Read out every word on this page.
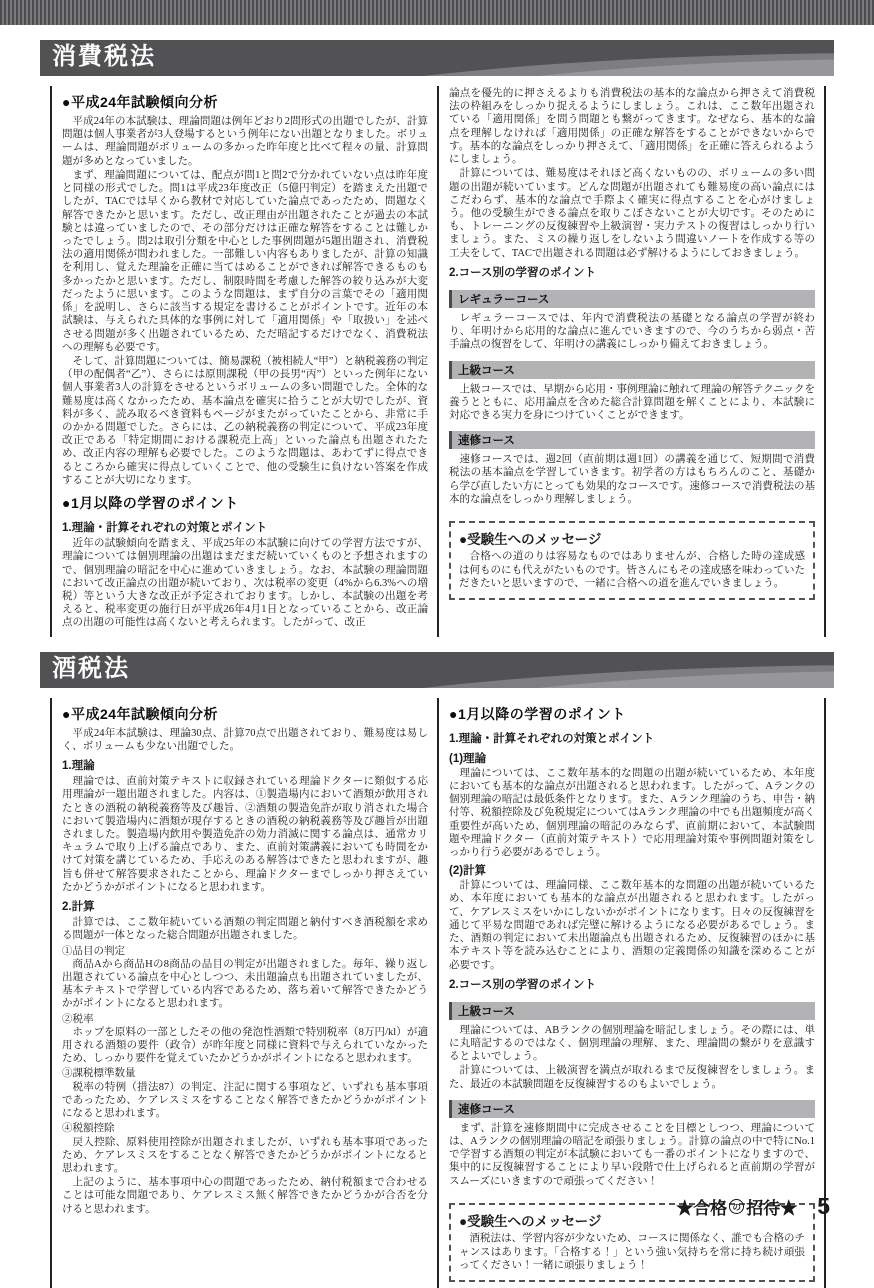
消費税法
●平成24年試験傾向分析

平成24年の本試験は、理論問題は例年どおり2問形式の出題でしたが、計算問題は個人事業者が3人登場するという例年にない出題となりました。ボリュームは、理論問題がボリュームの多かった昨年度と比べて程々の量、計算問題が多めとなっていました。

まず、理論問題については、配点が問1と問2で分かれていない点は昨年度と同様の形式でした。問1は平成23年度改正（5億円判定）を踏まえた出題でしたが、TACでは早くから教材で対応していた論点であったため、問題なく解答できたかと思います。ただし、改正理由が出題されたことが過去の本試験とは違っていましたので、その部分だけは正確な解答をすることは難しかったでしょう。問2は取引分類を中心とした事例問題が5題出題され、消費税法の適用関係が問われました。一部難しい内容もありましたが、計算の知識を利用し、覚えた理論を正確に当てはめることができれば解答できるものも多かったかと思います。ただし、制限時間を考慮した解答の絞り込みが大変だったように思います。このような問題は、まず自分の言葉でその「適用関係」を説明し、さらに該当する規定を書けることがポイントです。近年の本試験は、与えられた具体的な事例に対して「適用関係」や「取扱い」を述べさせる問題が多く出題されているため、ただ暗記するだけでなく、消費税法への理解も必要です。

そして、計算問題については、簡易課税（被相続人“甲”）と納税義務の判定（甲の配偶者“乙”）、さらには原則課税（甲の長男“丙”）といった例年にない個人事業者3人の計算をさせるというボリュームの多い問題でした。全体的な難易度は高くなかったため、基本論点を確実に拾うことが大切でしたが、資料が多く、読み取るべき資料もページがまたがっていたことから、非常に手のかかる問題でした。さらには、乙の納税義務の判定について、平成23年度改正である「特定期間における課税売上高」といった論点も出題されたため、改正内容の理解も必要でした。このような問題は、あわてずに得点できるところから確実に得点していくことで、他の受験生に負けない答案を作成することが大切になります。

●1月以降の学習のポイント
1.理論・計算それぞれの対策とポイント

近年の試験傾向を踏まえ、平成25年の本試験に向けての学習方法ですが、理論については個別理論の出題はまだまだ続いていくものと予想されますので、個別理論の暗記を中心に進めていきましょう。なお、本試験の理論問題において改正論点の出題が続いており、次は税率の変更（4%から6.3%への増税）等という大きな改正が予定されております。しかし、本試験の出題を考えると、税率変更の施行日が平成26年4月1日となっていることから、改正論点の出題の可能性は高くないと考えられます。したがって、改正

論点を優先的に押さえるよりも消費税法の基本的な論点から押さえて消費税法の枠組みをしっかり捉えるようにしましょう。これは、ここ数年出題されている「適用関係」を問う問題とも繋がってきます。なぜなら、基本的な論点を理解しなければ「適用関係」の正確な解答をすることができないからです。基本的な論点をしっかり押さえて、「適用関係」を正確に答えられるようにしましょう。

計算については、難易度はそれほど高くないものの、ボリュームの多い問題の出題が続いています。どんな問題が出題されても難易度の高い論点にはこだわらず、基本的な論点で手際よく確実に得点することを心がけましょう。他の受験生ができる論点を取りこぼさないことが大切です。そのためにも、トレーニングの反復練習や上級演習・実力テストの復習はしっかり行いましょう。また、ミスの繰り返しをしないよう間違いノートを作成する等の工夫をして、TACで出題される問題は必ず解けるようにしておきましょう。

2.コース別の学習のポイント
レギュラーコース

レギュラーコースでは、年内で消費税法の基礎となる論点の学習が終わり、年明けから応用的な論点に進んでいきますので、今のうちから弱点・苦手論点の復習をして、年明けの講義にしっかり備えておきましょう。

上級コース

上級コースでは、早期から応用・事例理論に触れて理論の解答テクニックを養うとともに、応用論点を含めた総合計算問題を解くことにより、本試験に対応できる実力を身につけていくことができます。

速修コース

速修コースでは、週2回（直前期は週1回）の講義を通じて、短期間で消費税法の基本論点を学習していきます。初学者の方はもちろんのこと、基礎から学び直したい方にとっても効果的なコースです。速修コースで消費税法の基本的な論点をしっかり理解しましょう。

●受験生へのメッセージ

合格への道のりは容易なものではありませんが、合格した時の達成感は何ものにも代えがたいものです。皆さんにもその達成感を味わっていただきたいと思いますので、一緒に合格への道を進んでいきましょう。

酒税法
●平成24年試験傾向分析

平成24年本試験は、理論30点、計算70点で出題されており、難易度は易しく、ボリュームも少ない出題でした。

1.理論

理論では、直前対策テキストに収録されている理論ドクターに類似する応用理論が一題出題されました。内容は、①製造場内において酒類が飲用されたときの酒税の納税義務等及び趣旨、②酒類の製造免許が取り消された場合において製造場内に酒類が現存するときの酒税の納税義務等及び趣旨が出題されました。製造場内飲用や製造免許の効力消滅に関する論点は、通常カリキュラムで取り上げる論点であり、また、直前対策講義においても時間をかけて対策を講じているため、手応えのある解答はできたと思われますが、趣旨も併せて解答要求されたことから、理論ドクターまでしっかり押さえていたかどうかがポイントになると思われます。

2.計算

計算では、ここ数年続いている酒類の判定問題と納付すべき酒税額を求める問題が一体となった総合問題が出題されました。

①品目の判定

商品Aから商品Hの8商品の品目の判定が出題されました。毎年、繰り返し出題されている論点を中心としつつ、未出題論点も出題されていましたが、基本テキストで学習している内容であるため、落ち着いて解答できたかどうかがポイントになると思われます。

②税率

ホップを原料の一部としたその他の発泡性酒類で特別税率（8万円/kl）が適用される酒類の要件（政令）が昨年度と同様に資料で与えられていなかったため、しっかり要件を覚えていたかどうかがポイントになると思われます。

③課税標準数量

税率の特例（措法87）の判定、注記に関する事項など、いずれも基本事項であったため、ケアレスミスをすることなく解答できたかどうかがポイントになると思われます。

④税額控除

戻入控除、原料使用控除が出題されましたが、いずれも基本事項であったため、ケアレスミスをすることなく解答できたかどうかがポイントになると思われます。

上記のように、基本事項中心の問題であったため、納付税額まで合わせることは可能な問題であり、ケアレスミス無く解答できたかどうかが合否を分けると思われます。

●1月以降の学習のポイント
1.理論・計算それぞれの対策とポイント
(1)理論

理論については、ここ数年基本的な問題の出題が続いているため、本年度においても基本的な論点が出題されると思われます。したがって、Aランクの個別理論の暗記は最低条件となります。また、Aランク理論のうち、申告・納付等、税額控除及び免税規定についてはAランク理論の中でも出題頻度が高く重要性が高いため、個別理論の暗記のみならず、直前期において、本試験問題や理論ドクター（直前対策テキスト）で応用理論対策や事例問題対策をしっかり行う必要があるでしょう。

(2)計算

計算については、理論同様、ここ数年基本的な問題の出題が続いているため、本年度においても基本的な論点が出題されると思われます。したがって、ケアレスミスをいかにしないかがポイントになります。日々の反復練習を通じて平易な問題であれば完璧に解けるようになる必要があるでしょう。また、酒類の判定において未出題論点も出題されるため、反復練習のほかに基本テキスト等を読み込むことにより、酒類の定義関係の知識を深めることが必要です。

2.コース別の学習のポイント
上級コース

理論については、ABランクの個別理論を暗記しましょう。その際には、単に丸暗記するのではなく、個別理論の理解、また、理論間の繋がりを意識するとよいでしょう。

計算については、上級演習を満点が取れるまで反復練習をしましょう。また、最近の本試験問題を反復練習するのもよいでしょう。

速修コース

まず、計算を速修期間中に完成させることを目標としつつ、理論については、Aランクの個別理論の暗記を頑張りましょう。計算の論点の中で特にNo.1で学習する酒類の判定が本試験においても一番のポイントになりますので、集中的に反復練習することにより早い段階で仕上げられると直前期の学習がスムーズにいきますので頑張ってください！

●受験生へのメッセージ

酒税法は、学習内容が少ないため、コースに関係なく、誰でも合格のチャンスはあります。「合格する！」という強い気持ちを常に持ち続け頑張ってください！一緒に頑張りましょう！

★合格 の 招待★ 5
